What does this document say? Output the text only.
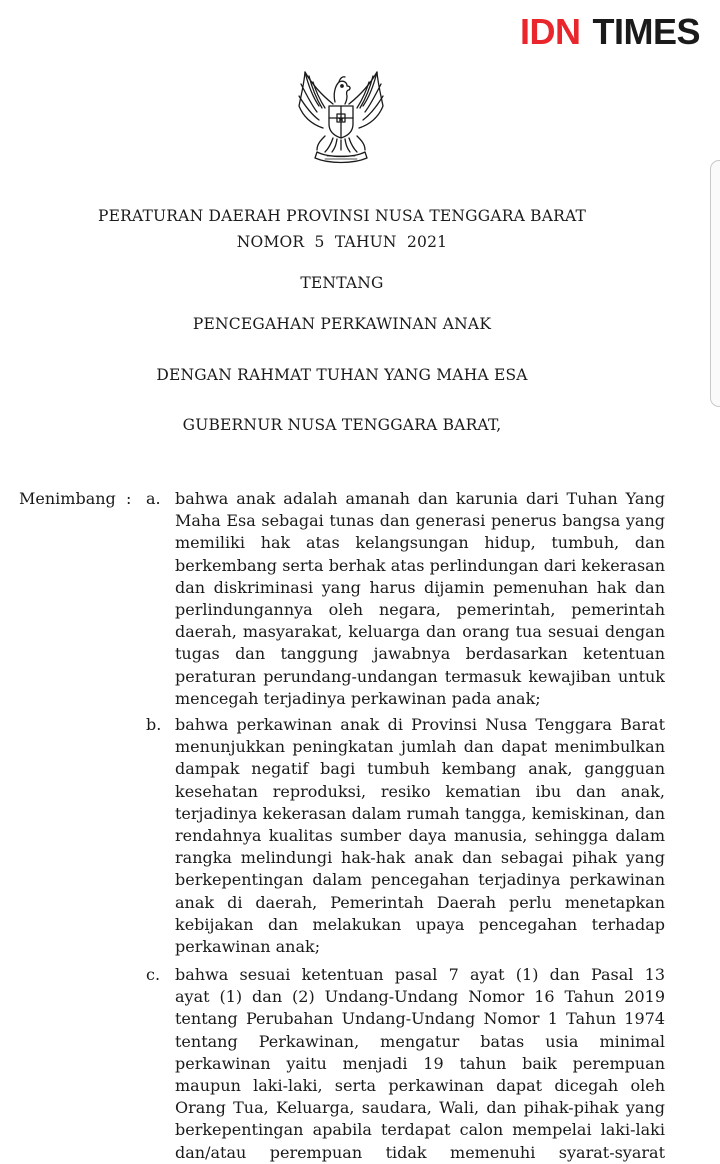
IDN TIMES
PERATURAN DAERAH PROVINSI NUSA TENGGARA BARAT
NOMOR  5  TAHUN  2021
TENTANG
PENCEGAHAN PERKAWINAN ANAK
DENGAN RAHMAT TUHAN YANG MAHA ESA
GUBERNUR NUSA TENGGARA BARAT,
Menimbang : a. bahwa anak adalah amanah dan karunia dari Tuhan Yang
Maha Esa sebagai tunas dan generasi penerus bangsa yang
memiliki hak atas kelangsungan hidup, tumbuh, dan
berkembang serta berhak atas perlindungan dari kekerasan
dan diskriminasi yang harus dijamin pemenuhan hak dan
perlindungannya oleh negara, pemerintah, pemerintah
daerah, masyarakat, keluarga dan orang tua sesuai dengan
tugas dan tanggung jawabnya berdasarkan ketentuan
peraturan perundang-undangan termasuk kewajiban untuk
mencegah terjadinya perkawinan pada anak;
b. bahwa perkawinan anak di Provinsi Nusa Tenggara Barat
menunjukkan peningkatan jumlah dan dapat menimbulkan
dampak negatif bagi tumbuh kembang anak, gangguan
kesehatan reproduksi, resiko kematian ibu dan anak,
terjadinya kekerasan dalam rumah tangga, kemiskinan, dan
rendahnya kualitas sumber daya manusia, sehingga dalam
rangka melindungi hak-hak anak dan sebagai pihak yang
berkepentingan dalam pencegahan terjadinya perkawinan
anak di daerah, Pemerintah Daerah perlu menetapkan
kebijakan dan melakukan upaya pencegahan terhadap
perkawinan anak;
c. bahwa sesuai ketentuan pasal 7 ayat (1) dan Pasal 13
ayat (1) dan (2) Undang-Undang Nomor 16 Tahun 2019
tentang Perubahan Undang-Undang Nomor 1 Tahun 1974
tentang Perkawinan, mengatur batas usia minimal
perkawinan yaitu menjadi 19 tahun baik perempuan
maupun laki-laki, serta perkawinan dapat dicegah oleh
Orang Tua, Keluarga, saudara, Wali, dan pihak-pihak yang
berkepentingan apabila terdapat calon mempelai laki-laki
dan/atau perempuan tidak memenuhi syarat-syarat
